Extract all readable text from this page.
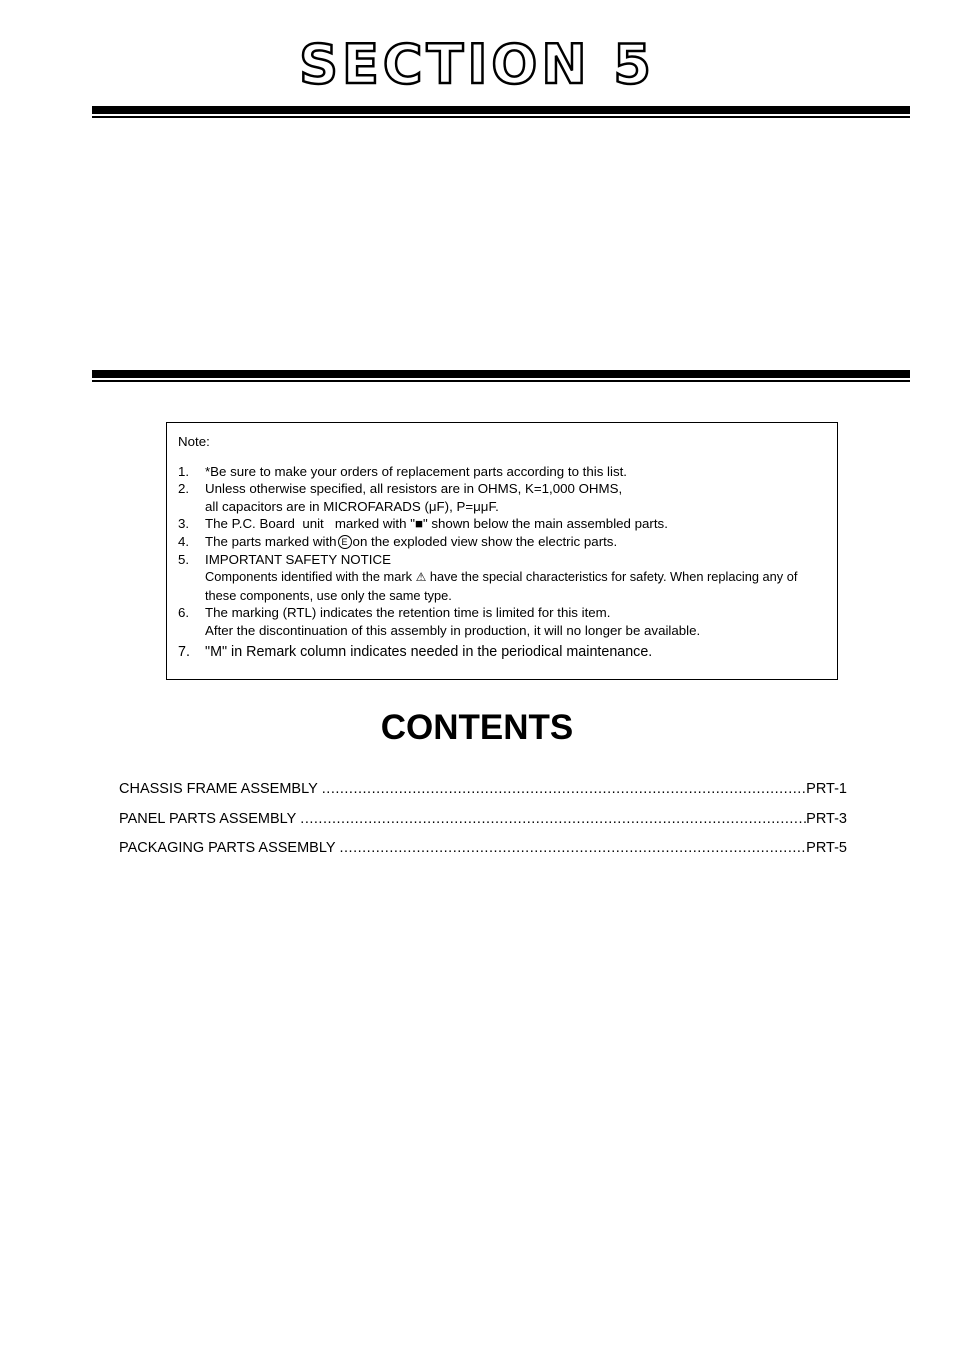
SECTION 5
Note:
1.	*Be sure to make your orders of replacement parts according to this list.
2.	Unless otherwise specified, all resistors are in OHMS, K=1,000 OHMS,
all capacitors are in MICROFARADS (μF), P=μμF.
3.	The P.C. Board  unit   marked with "■" shown below the main assembled parts.
4.	The parts marked with E on the exploded view show the electric parts.
5.	IMPORTANT SAFETY NOTICE
Components identified with the mark ⚠ have the special characteristics for safety. When replacing any of these components, use only the same type.
6.	The marking (RTL) indicates the retention time is limited for this item.
After the discontinuation of this assembly in production, it will no longer be available.
7.	"M" in Remark column indicates needed in the periodical maintenance.
CONTENTS
CHASSIS FRAME ASSEMBLY .....	PRT-1
PANEL PARTS ASSEMBLY .....	PRT-3
PACKAGING PARTS ASSEMBLY .....	PRT-5
